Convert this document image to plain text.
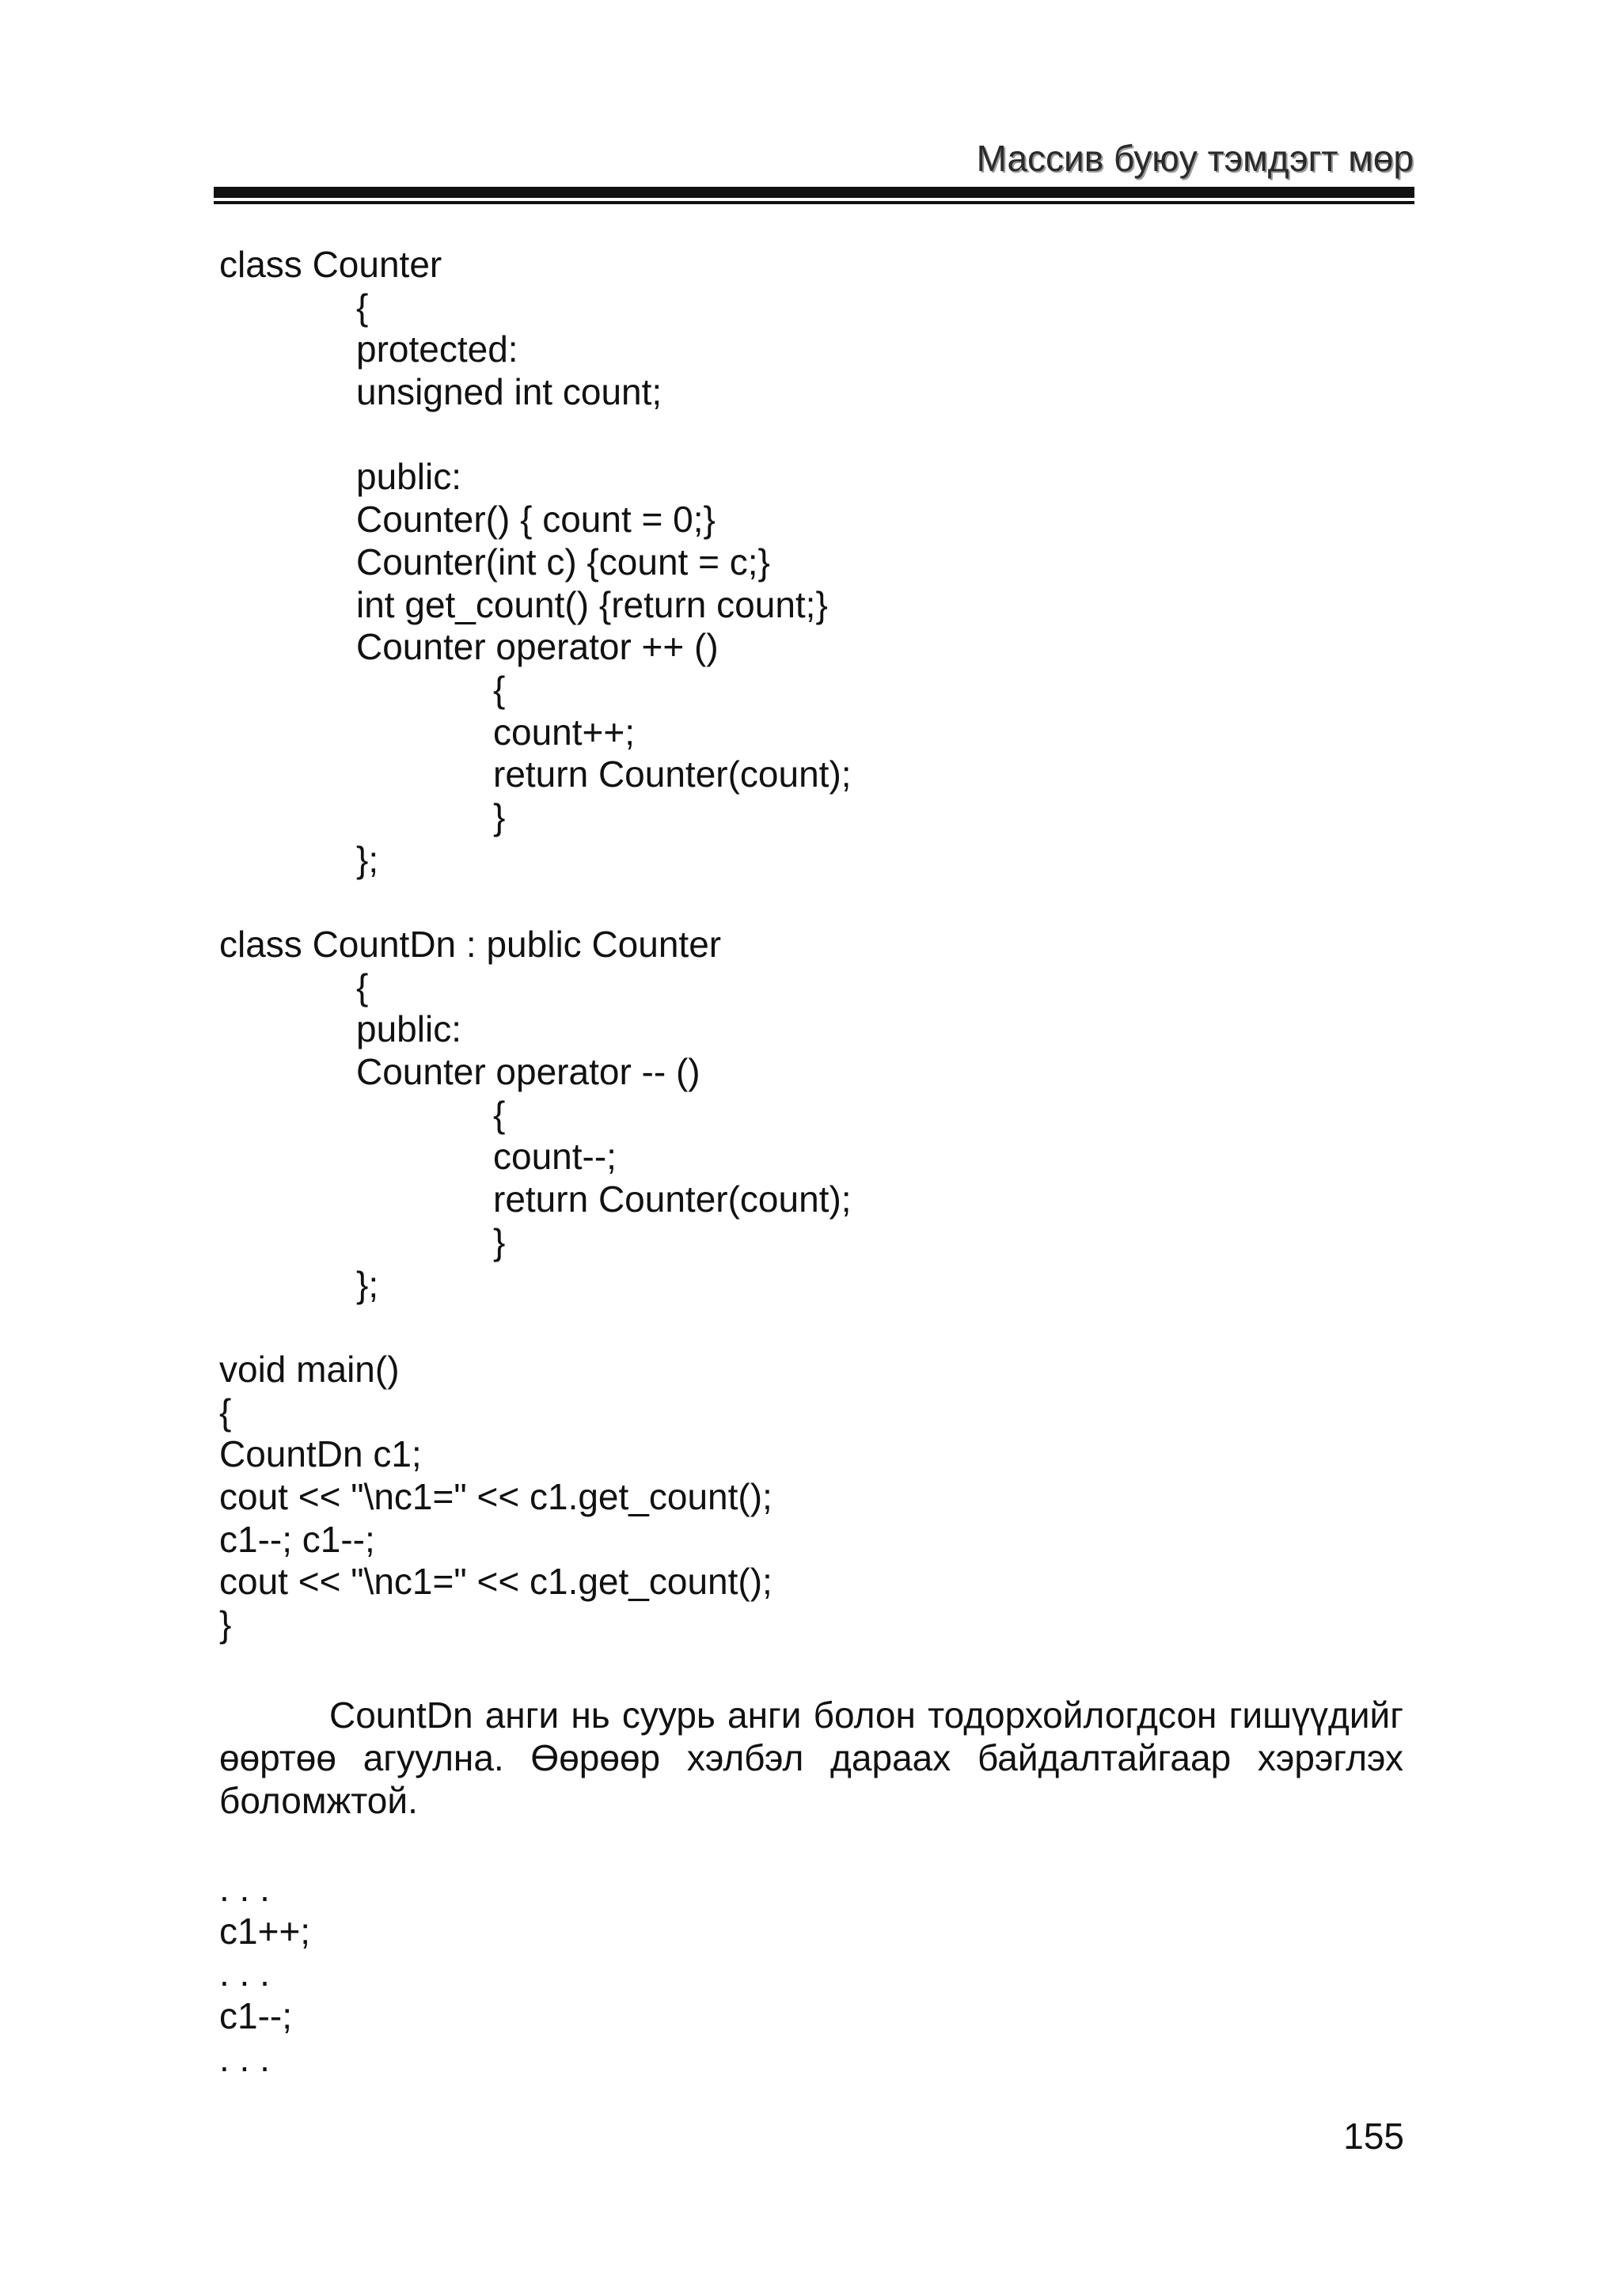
Массив буюу тэмдэгт мөр
class Counter
{
protected:
unsigned int count;
public:
Counter() { count = 0;}
Counter(int c) {count = c;}
int get_count() {return count;}
Counter operator ++ ()
{
count++;
return Counter(count);
}
};
class CountDn : public Counter
{
public:
Counter operator -- ()
{
count--;
return Counter(count);
}
};
void main()
{
CountDn c1;
cout << "\nc1=" << c1.get_count();
c1--; c1--;
cout << "\nc1=" << c1.get_count();
}

CountDn анги нь суурь анги болон тодорхойлогдсон гишүүдийг өөртөө агуулна. Өөрөөр хэлбэл дараах байдалтайгаар хэрэглэх боломжтой.

. . .
c1++;
. . .
c1--;
. . .
155
